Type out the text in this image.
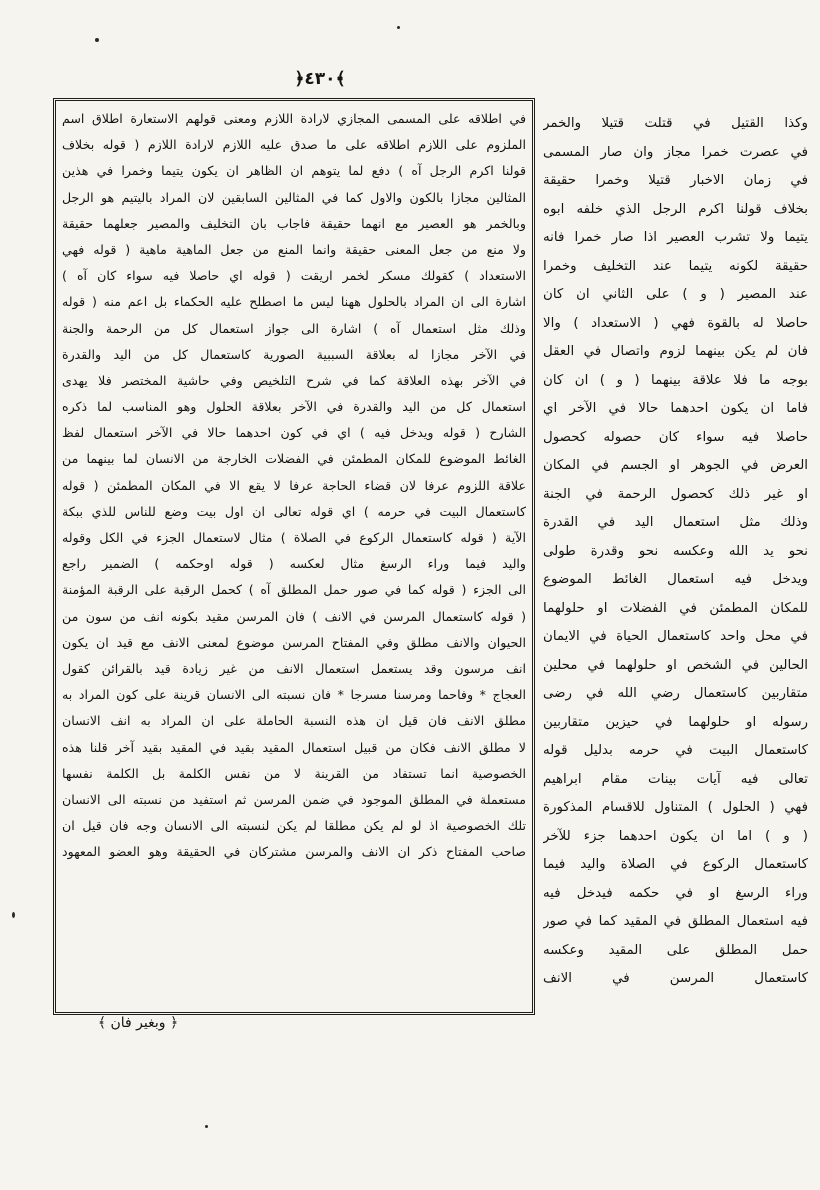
﴿٤٣٠﴾
في اطلاقه على المسمى المجازي لارادة اللازم ومعنى قولهم الاستعارة اطلاق اسم
الملزوم على اللازم اطلاقه على ما صدق عليه اللازم لارادة اللازم ( قوله بخلاف
قولنا اكرم الرجل آه ) دفع لما يتوهم ان الظاهر ان يكون يتيما وخمرا في هذين
المثالين مجازا بالكون والاول كما في المثالين السابقين لان المراد باليتيم هو الرجل
وبالخمر هو العصير مع انهما حقيقة فاجاب بان التخليف والمصير جعلهما حقيقة
ولا منع من جعل المعنى حقيقة وانما المنع من جعل الماهية ماهية ( قوله فهي
الاستعداد ) كقولك مسكر لخمر اريقت ( قوله اي حاصلا فيه سواء كان آه )
اشارة الى ان المراد بالحلول ههنا ليس ما اصطلح عليه الحكماء بل اعم منه ( قوله
وذلك مثل استعمال آه ) اشارة الى جواز استعمال كل من الرحمة والجنة
في الآخر مجازا له بعلاقة السببية الصورية كاستعمال كل من اليد والقدرة
في الآخر بهذه العلاقة كما في شرح التلخيص وفي حاشية المختصر فلا يهدى
استعمال كل من اليد والقدرة في الآخر بعلاقة الحلول وهو المناسب لما ذكره
الشارح ( قوله ويدخل فيه ) اي في كون احدهما حالا في الآخر استعمال لفظ
الغائط الموضوع للمكان المطمئن في الفضلات الخارجة من الانسان لما بينهما من
علاقة اللزوم عرفا لان قضاء الحاجة عرفا لا يقع الا في المكان المطمئن ( قوله
كاستعمال البيت في حرمه ) اي قوله تعالى ان اول بيت وضع للناس للذي ببكة
الآية ( قوله كاستعمال الركوع في الصلاة ) مثال لاستعمال الجزء في الكل وقوله
واليد فيما وراء الرسغ مثال لعكسه ( قوله اوحكمه ) الضمير راجع
الى الجزء ( قوله كما في صور حمل المطلق آه ) كحمل الرقبة على الرقبة المؤمنة
( قوله كاستعمال المرسن في الانف ) فان المرسن مقيد بكونه انف من سون من
الحيوان والانف مطلق وفي المفتاح المرسن موضوع لمعنى الانف مع قيد ان يكون
انف مرسون وقد يستعمل استعمال الانف من غير زيادة قيد بالقرائن كقول
العجاج * وفاحما ومرسنا مسرجا * فان نسبته الى الانسان قرينة على كون المراد به
مطلق الانف فان قيل ان هذه النسبة الحاملة على ان المراد به انف الانسان
لا مطلق الانف فكان من قبيل استعمال المقيد بقيد في المقيد بقيد آخر قلنا هذه
الخصوصية انما تستفاد من القرينة لا من نفس الكلمة بل الكلمة نفسها
مستعملة في المطلق الموجود في ضمن المرسن ثم استفيد من نسبته الى الانسان
تلك الخصوصية اذ لو لم يكن مطلقا لم يكن لنسبته الى الانسان وجه فان قيل ان
صاحب المفتاح ذكر ان الانف والمرسن مشتركان في الحقيقة وهو العضو المعهود
وكذا القتيل في قتلت قتيلا والخمر
في عصرت خمرا مجاز وان صار المسمى
في زمان الاخبار قتيلا وخمرا حقيقة
بخلاف قولنا اكرم الرجل الذي خلفه ابوه
يتيما ولا تشرب العصير اذا صار خمرا فانه
حقيقة لكونه يتيما عند التخليف وخمرا
عند المصير ( و ) على الثاني ان كان
حاصلا له بالقوة فهي ( الاستعداد ) والا
فان لم يكن بينهما لزوم واتصال في العقل
بوجه ما فلا علاقة بينهما ( و ) ان كان
فاما ان يكون احدهما حالا في الآخر اي
حاصلا فيه سواء كان حصوله كحصول
العرض في الجوهر او الجسم في المكان
او غير ذلك كحصول الرحمة في الجنة
وذلك مثل استعمال اليد في القدرة
نحو يد الله وعكسه نحو وقدرة طولى
ويدخل فيه استعمال الغائط الموضوع
للمكان المطمئن في الفضلات او حلولهما
في محل واحد كاستعمال الحياة في الايمان
الحالين في الشخص او حلولهما في محلين
متقاربين كاستعمال رضي الله في رضى
رسوله او حلولهما في حيزين متقاربين
كاستعمال البيت في حرمه بدليل قوله
تعالى فيه آيات بينات مقام ابراهيم
فهي ( الحلول ) المتناول للاقسام المذكورة
( و ) اما ان يكون احدهما جزء للآخر
كاستعمال الركوع في الصلاة واليد فيما
وراء الرسغ او في حكمه فيدخل فيه
فيه استعمال المطلق في المقيد كما في صور
حمل المطلق على المقيد وعكسه
كاستعمال المرسن في الانف
﴿ وبغير فان ﴾
